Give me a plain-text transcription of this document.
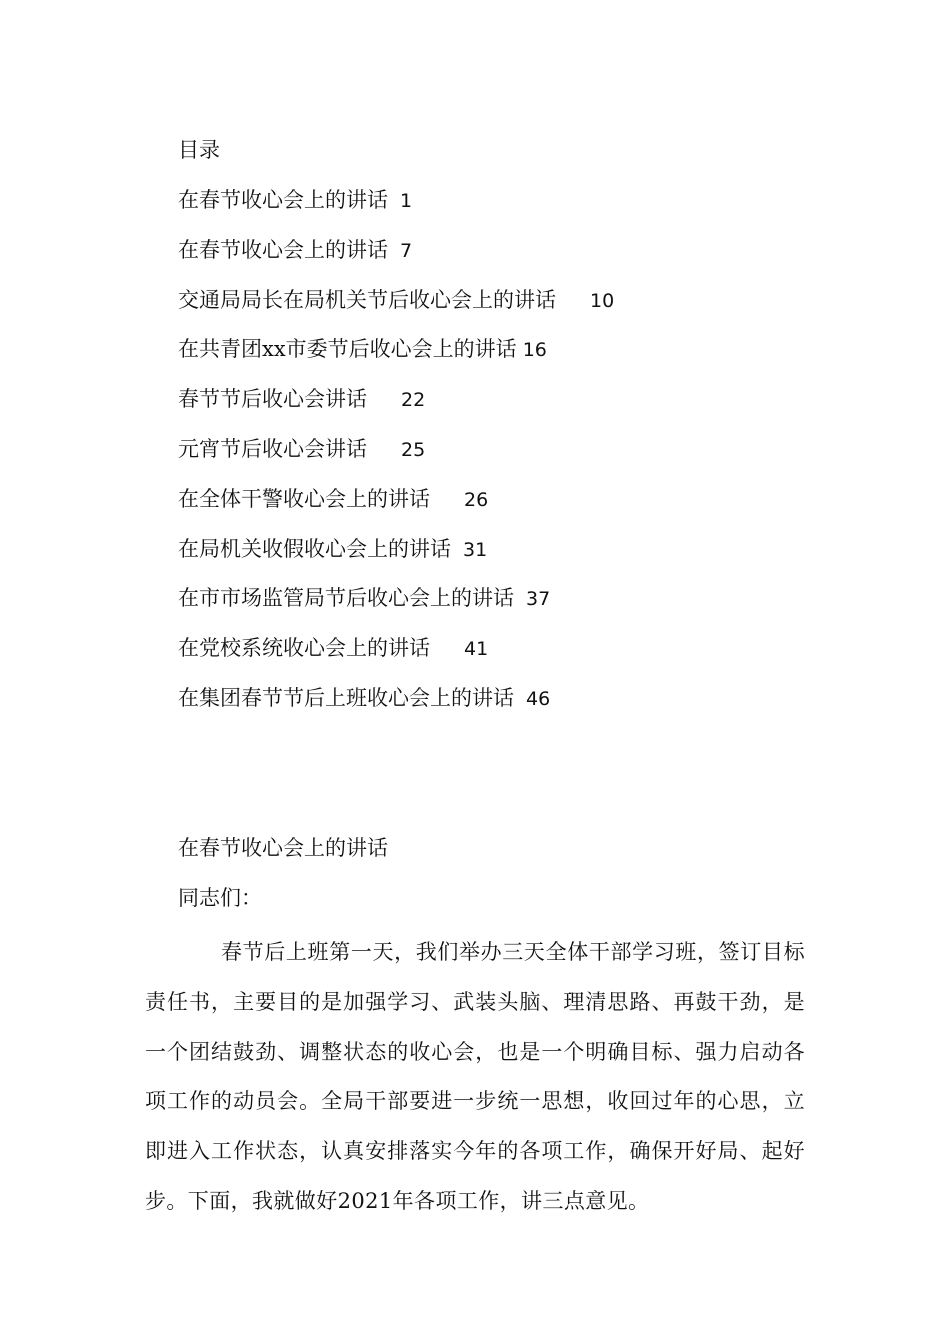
目录
在春节收心会上的讲话 1
在春节收心会上的讲话 7
交通局局长在局机关节后收心会上的讲话 10
在共青团xx市委节后收心会上的讲话 16
春节节后收心会讲话 22
元宵节后收心会讲话 25
在全体干警收心会上的讲话 26
在局机关收假收心会上的讲话 31
在市市场监管局节后收心会上的讲话 37
在党校系统收心会上的讲话 41
在集团春节节后上班收心会上的讲话 46
在春节收心会上的讲话
同志们：

春节后上班第一天，我们举办三天全体干部学习班，签订目标责任书，主要目的是加强学习、武装头脑、理清思路、再鼓干劲，是一个团结鼓劲、调整状态的收心会，也是一个明确目标、强力启动各项工作的动员会。全局干部要进一步统一思想，收回过年的心思，立即进入工作状态，认真安排落实今年的各项工作，确保开好局、起好步。下面，我就做好2021年各项工作，讲三点意见。
